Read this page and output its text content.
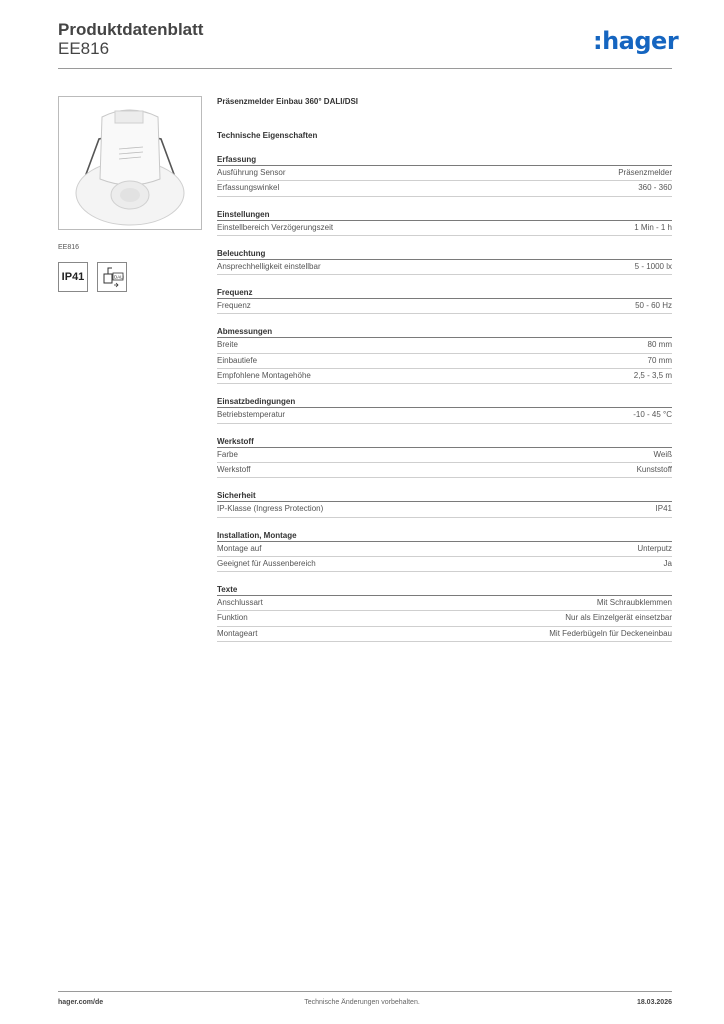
Produktdatenblatt
EE816	:hager
EE816
IP41	DALI
Präsenzmelder Einbau 360° DALI/DSI
Technische Eigenschaften
Erfassung
Ausführung Sensor	Präsenzmelder
Erfassungswinkel	360 - 360
Einstellungen
Einstellbereich Verzögerungszeit	1 Min - 1 h
Beleuchtung
Ansprechhelligkeit einstellbar	5 - 1000 lx
Frequenz
Frequenz	50 - 60 Hz
Abmessungen
Breite	80 mm
Einbautiefe	70 mm
Empfohlene Montagehöhe	2,5 - 3,5 m
Einsatzbedingungen
Betriebstemperatur	-10 - 45 °C
Werkstoff
Farbe	Weiß
Werkstoff	Kunststoff
Sicherheit
IP-Klasse (Ingress Protection)	IP41
Installation, Montage
Montage auf	Unterputz
Geeignet für Aussenbereich	Ja
Texte
Anschlussart	Mit Schraubklemmen
Funktion	Nur als Einzelgerät einsetzbar
Montageart	Mit Federbügeln für Deckeneinbau
hager.com/de	Technische Änderungen vorbehalten.	18.03.2026
